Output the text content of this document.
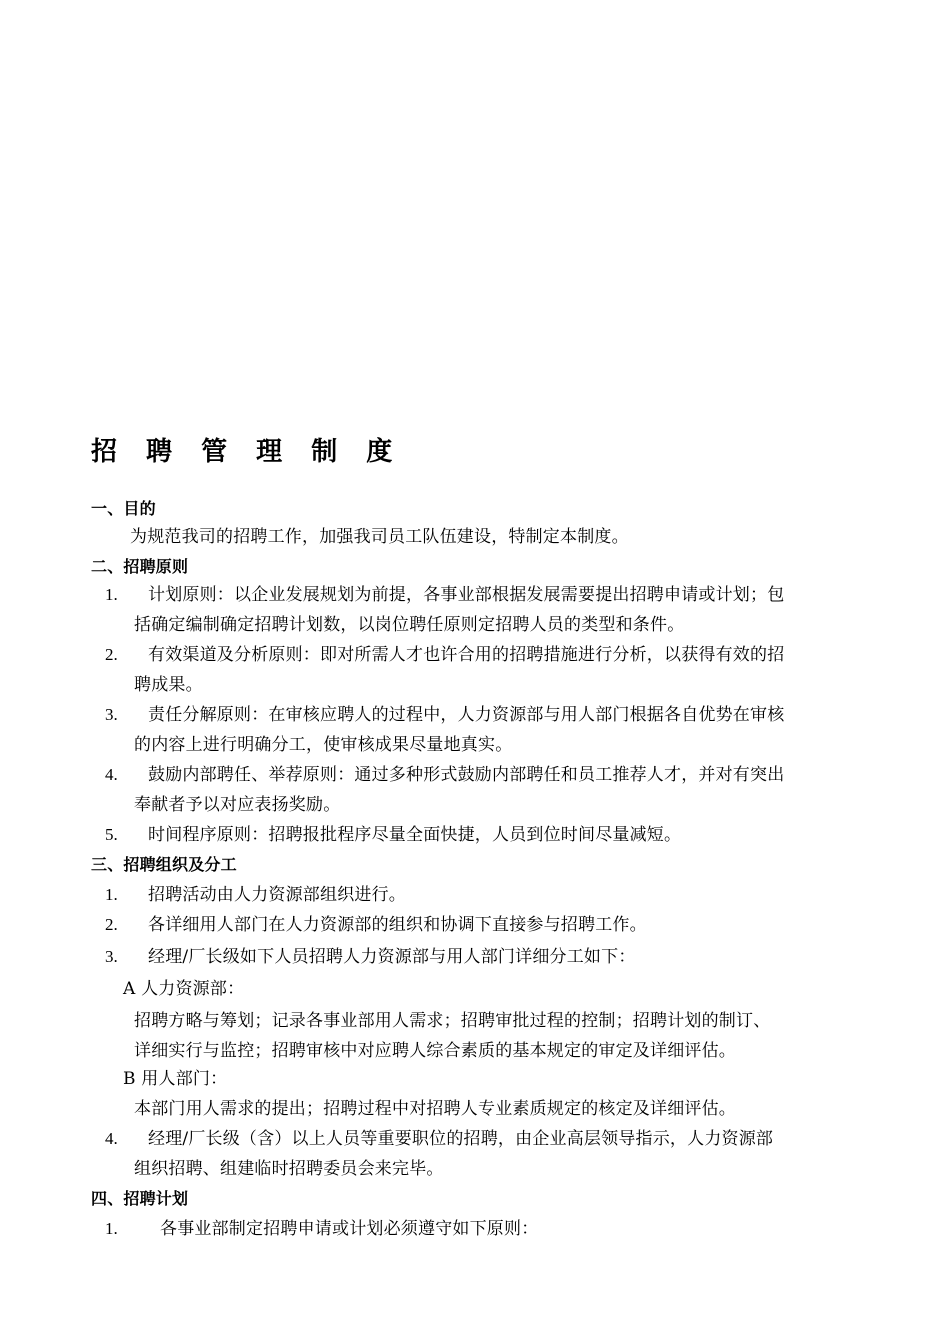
招 聘 管 理 制 度
一、目的
为规范我司的招聘工作，加强我司员工队伍建设，特制定本制度。
二、招聘原则
1. 计划原则：以企业发展规划为前提，各事业部根据发展需要提出招聘申请或计划；包
括确定编制确定招聘计划数，以岗位聘任原则定招聘人员的类型和条件。
2. 有效渠道及分析原则：即对所需人才也许合用的招聘措施进行分析，以获得有效的招
聘成果。
3. 责任分解原则：在审核应聘人的过程中，人力资源部与用人部门根据各自优势在审核
的内容上进行明确分工，使审核成果尽量地真实。
4. 鼓励内部聘任、举荐原则：通过多种形式鼓励内部聘任和员工推荐人才，并对有突出
奉献者予以对应表扬奖励。
5. 时间程序原则：招聘报批程序尽量全面快捷，人员到位时间尽量减短。
三、招聘组织及分工
1. 招聘活动由人力资源部组织进行。
2. 各详细用人部门在人力资源部的组织和协调下直接参与招聘工作。
3. 经理/厂长级如下人员招聘人力资源部与用人部门详细分工如下：
A 人力资源部：
招聘方略与筹划；记录各事业部用人需求；招聘审批过程的控制；招聘计划的制订、
详细实行与监控；招聘审核中对应聘人综合素质的基本规定的审定及详细评估。
B 用人部门：
本部门用人需求的提出；招聘过程中对招聘人专业素质规定的核定及详细评估。
4. 经理/厂长级（含）以上人员等重要职位的招聘，由企业高层领导指示，人力资源部
组织招聘、组建临时招聘委员会来完毕。
四、招聘计划
1. 各事业部制定招聘申请或计划必须遵守如下原则：
